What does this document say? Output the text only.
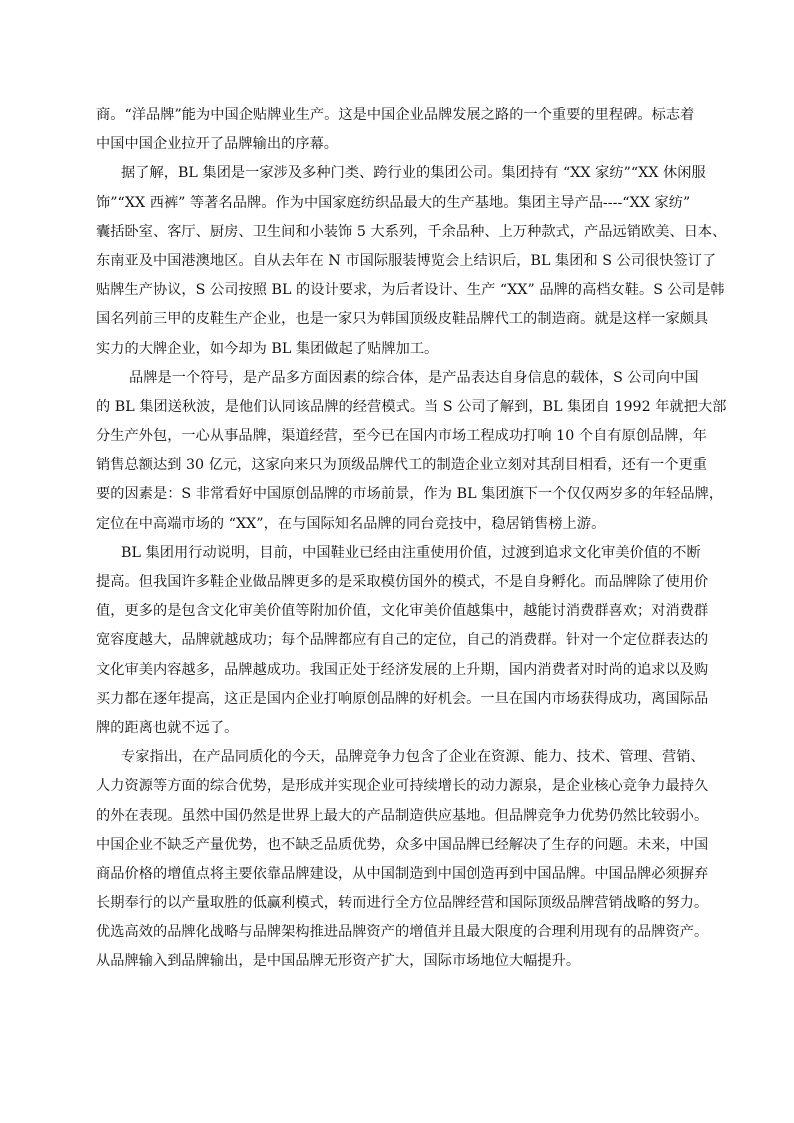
商。“洋品牌”能为中国企贴牌业生产。这是中国企业品牌发展之路的一个重要的里程碑。标志着
中国中国企业拉开了品牌输出的序幕。
据了解，BL 集团是一家涉及多种门类、跨行业的集团公司。集团持有 “XX 家纺”“XX 休闲服
饰”“XX 西裤” 等著名品牌。作为中国家庭纺织品最大的生产基地。集团主导产品----“XX 家纺”
囊括卧室、客厅、厨房、卫生间和小装饰 5 大系列，千余品种、上万种款式，产品远销欧美、日本、
东南亚及中国港澳地区。自从去年在 N 市国际服装博览会上结识后，BL 集团和 S 公司很快签订了
贴牌生产协议，S 公司按照 BL 的设计要求，为后者设计、生产 “XX” 品牌的高档女鞋。S 公司是韩
国名列前三甲的皮鞋生产企业，也是一家只为韩国顶级皮鞋品牌代工的制造商。就是这样一家颇具
实力的大牌企业，如今却为 BL 集团做起了贴牌加工。
品牌是一个符号，是产品多方面因素的综合体，是产品表达自身信息的载体，S 公司向中国
的 BL 集团送秋波，是他们认同该品牌的经营模式。当 S 公司了解到，BL 集团自 1992 年就把大部
分生产外包，一心从事品牌，渠道经营，至今已在国内市场工程成功打响 10 个自有原创品牌，年
销售总额达到 30 亿元，这家向来只为顶级品牌代工的制造企业立刻对其刮目相看，还有一个更重
要的因素是：S 非常看好中国原创品牌的市场前景，作为 BL 集团旗下一个仅仅两岁多的年轻品牌，
定位在中高端市场的 “XX”，在与国际知名品牌的同台竞技中，稳居销售榜上游。
BL 集团用行动说明，目前，中国鞋业已经由注重使用价值，过渡到追求文化审美价值的不断
提高。但我国许多鞋企业做品牌更多的是采取模仿国外的模式，不是自身孵化。而品牌除了使用价
值，更多的是包含文化审美价值等附加价值，文化审美价值越集中，越能讨消费群喜欢；对消费群
宽容度越大，品牌就越成功；每个品牌都应有自己的定位，自己的消费群。针对一个定位群表达的
文化审美内容越多，品牌越成功。我国正处于经济发展的上升期，国内消费者对时尚的追求以及购
买力都在逐年提高，这正是国内企业打响原创品牌的好机会。一旦在国内市场获得成功，离国际品
牌的距离也就不远了。
专家指出，在产品同质化的今天，品牌竞争力包含了企业在资源、能力、技术、管理、营销、
人力资源等方面的综合优势，是形成并实现企业可持续增长的动力源泉，是企业核心竞争力最持久
的外在表现。虽然中国仍然是世界上最大的产品制造供应基地。但品牌竞争力优势仍然比较弱小。
中国企业不缺乏产量优势，也不缺乏品质优势，众多中国品牌已经解决了生存的问题。未来，中国
商品价格的增值点将主要依靠品牌建设，从中国制造到中国创造再到中国品牌。中国品牌必须摒弃
长期奉行的以产量取胜的低赢利模式，转而进行全方位品牌经营和国际顶级品牌营销战略的努力。
优选高效的品牌化战略与品牌架构推进品牌资产的增值并且最大限度的合理利用现有的品牌资产。
从品牌输入到品牌输出，是中国品牌无形资产扩大，国际市场地位大幅提升。
